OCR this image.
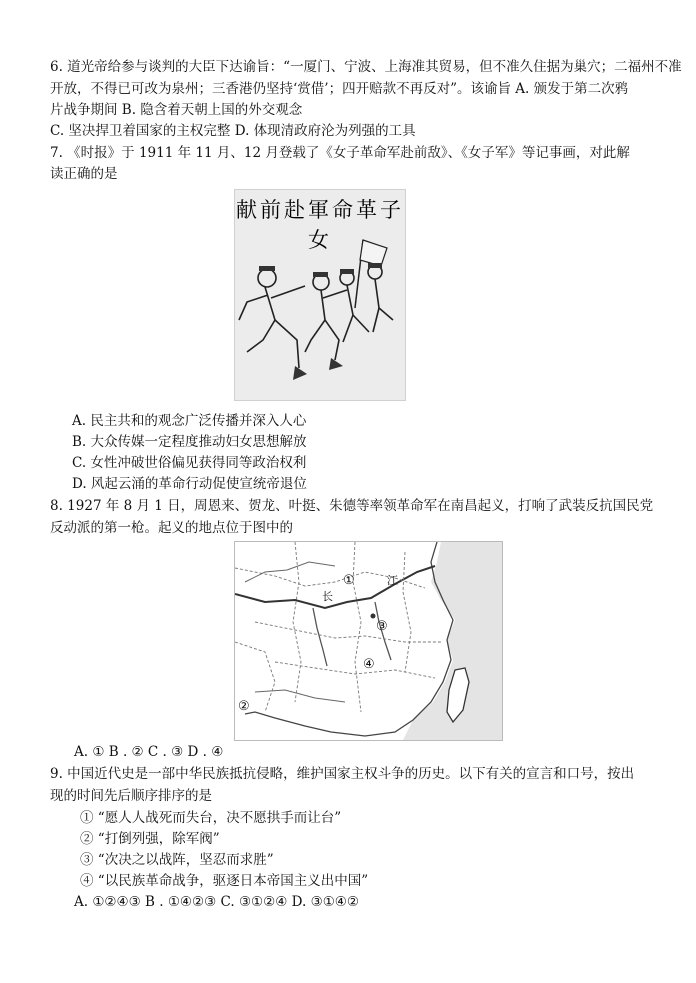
6. 道光帝给参与谈判的大臣下达谕旨：“一厦门、宁波、上海准其贸易，但不准久住据为巢穴；二福州不准
开放，不得已可改为泉州；三香港仍坚持‘赏借’；四开赔款不再反对”。该谕旨 A. 颁发于第二次鸦
片战争期间 B. 隐含着天朝上国的外交观念
C. 坚决捍卫着国家的主权完整 D. 体现清政府沦为列强的工具
7. 《时报》于 1911 年 11 月、12 月登载了《女子革命军赴前敌》、《女子军》等记事画，对此解
读正确的是
献前赴軍命革子女
A. 民主共和的观念广泛传播并深入人心
B. 大众传媒一定程度推动妇女思想解放
C. 女性冲破世俗偏见获得同等政治权利
D. 风起云涌的革命行动促使宣统帝退位
8. 1927 年 8 月 1 日，周恩来、贺龙、叶挺、朱德等率领革命军在南昌起义，打响了武装反抗国民党
反动派的第一枪。起义的地点位于图中的
①
②
③
④
长
江
A. ① B . ② C . ③ D . ④
9. 中国近代史是一部中华民族抵抗侵略，维护国家主权斗争的历史。以下有关的宣言和口号，按出
现的时间先后顺序排序的是
① “愿人人战死而失台，决不愿拱手而让台”
② “打倒列强，除军阀”
③ “次决之以战阵，坚忍而求胜”
④ “以民族革命战争，驱逐日本帝国主义出中国”
A. ①②④③ B . ①④②③ C. ③①②④ D. ③①④②
